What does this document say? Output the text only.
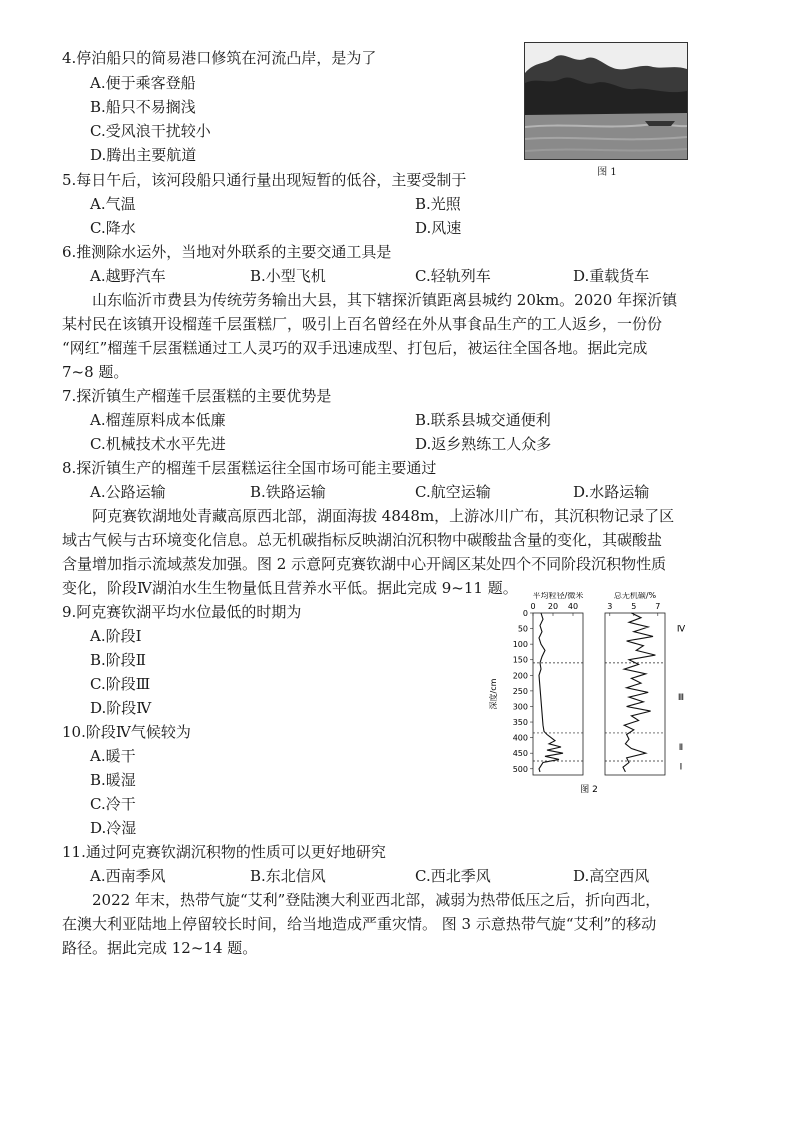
4.停泊船只的简易港口修筑在河流凸岸，是为了
A.便于乘客登船
B.船只不易搁浅
C.受风浪干扰较小
D.腾出主要航道
图 1
5.每日午后，该河段船只通行量出现短暂的低谷，主要受制于
A.气温	B.光照
C.降水	D.风速
6.推测除水运外，当地对外联系的主要交通工具是
A.越野汽车	B.小型飞机	C.轻轨列车	D.重载货车
山东临沂市费县为传统劳务输出大县，其下辖探沂镇距离县城约 20km。2020 年探沂镇
某村民在该镇开设榴莲千层蛋糕厂，吸引上百名曾经在外从事食品生产的工人返乡，一份份
“网红”榴莲千层蛋糕通过工人灵巧的双手迅速成型、打包后，被运往全国各地。据此完成
7~8 题。
7.探沂镇生产榴莲千层蛋糕的主要优势是
A.榴莲原料成本低廉	B.联系县城交通便利
C.机械技术水平先进	D.返乡熟练工人众多
8.探沂镇生产的榴莲千层蛋糕运往全国市场可能主要通过
A.公路运输	B.铁路运输	C.航空运输	D.水路运输
阿克赛钦湖地处青藏高原西北部，湖面海拔 4848m，上游冰川广布，其沉积物记录了区
域古气候与古环境变化信息。总无机碳指标反映湖泊沉积物中碳酸盐含量的变化，其碳酸盐
含量增加指示流域蒸发加强。图 2 示意阿克赛钦湖中心开阔区某处四个不同阶段沉积物性质
变化，阶段Ⅳ湖泊水生生物量低且营养水平低。据此完成 9~11 题。
9.阿克赛钦湖平均水位最低的时期为
A.阶段Ⅰ
B.阶段Ⅱ
C.阶段Ⅲ
D.阶段Ⅳ
10.阶段Ⅳ气候较为
A.暖干
B.暖湿
C.冷干
D.冷湿
11.通过阿克赛钦湖沉积物的性质可以更好地研究
A.西南季风	B.东北信风	C.西北季风	D.高空西风
2022 年末，热带气旋“艾利”登陆澳大利亚西北部，减弱为热带低压之后，折向西北，
在澳大利亚陆地上停留较长时间，给当地造成严重灾情。 图 3 示意热带气旋“艾利”的移动
路径。据此完成 12~14 题。
深度/cm
0
50
100
150
200
250
300
350
400
450
500
平均粒径/微米
0 20 40
总无机碳/%
3 5 7
Ⅳ
Ⅲ
Ⅱ
Ⅰ
图 2
